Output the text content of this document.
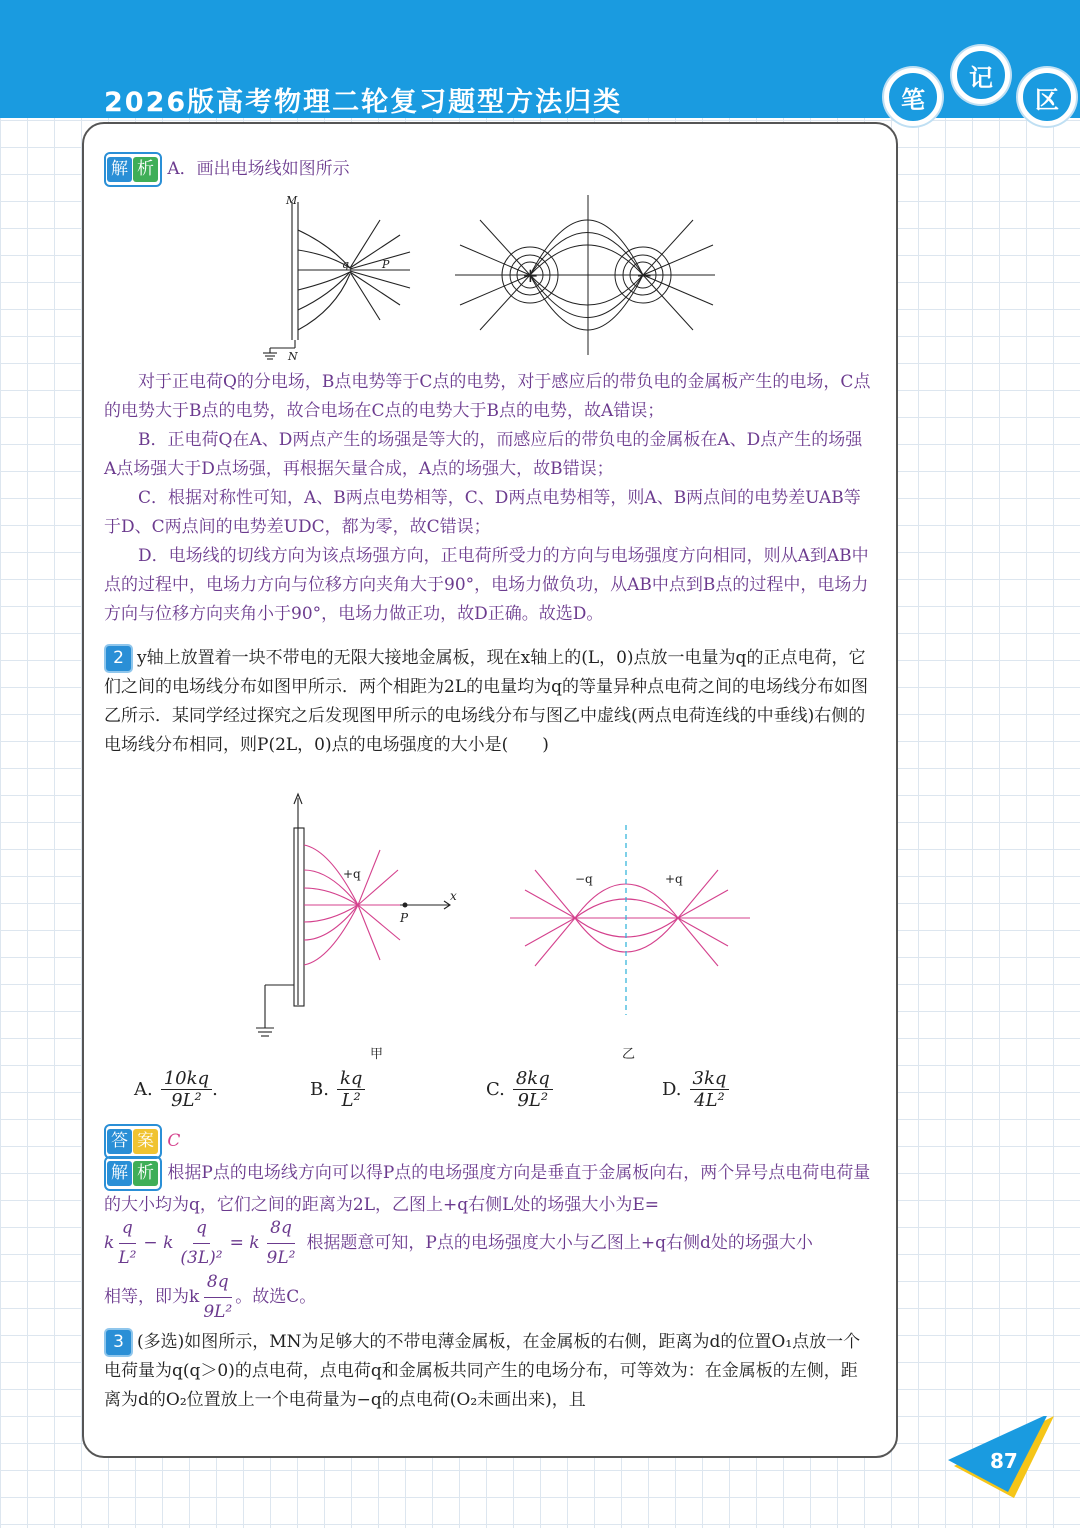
2026版高考物理二轮复习题型方法归类	笔
记
区
解 析 A．画出电场线如图所示
M
N
q	P	+	−
对于正电荷Q的分电场，B点电势等于C点的电势，对于感应后的带负电的金属板产生的电场，C点的电势大于B点的电势，故合电场在C点的电势大于B点的电势，故A错误；
B．正电荷Q在A、D两点产生的场强是等大的，而感应后的带负电的金属板在A、D点产生的场强A点场强大于D点场强，再根据矢量合成，A点的场强大，故B错误；
C．根据对称性可知，A、B两点电势相等，C、D两点电势相等，则A、B两点间的电势差UAB等于D、C两点间的电势差UDC，都为零，故C错误；
D．电场线的切线方向为该点场强方向，正电荷所受力的方向与电场强度方向相同，则从A到AB中点的过程中，电场力方向与位移方向夹角大于90°，电场力做负功，从AB中点到B点的过程中，电场力方向与位移方向夹角小于90°，电场力做正功，故D正确。故选D。
2 y轴上放置着一块不带电的无限大接地金属板，现在x轴上的(L，0)点放一电量为q的正点电荷，它们之间的电场线分布如图甲所示．两个相距为2L的电量均为q的等量异种点电荷之间的电场线分布如图乙所示．某同学经过探究之后发现图甲所示的电场线分布与图乙中虚线(两点电荷连线的中垂线)右侧的电场线分布相同，则P(2L，0)点的电场强度的大小是(　　)
+q
P
x
−q	+q
甲	乙
A. $\frac{10kq}{\text{9L²}}$ .	B. $\frac{kq}{\text{L²}}$	C. $\frac{8kq}{\text{9L²}}$	D. $\frac{3kq}{\text{4L²}}$
答 案 C
解 析 根据P点的电场线方向可以得P点的电场强度方向是垂直于金属板向右，两个异号点电荷电荷量的大小均为q，它们之间的距离为2L，乙图上+q右侧L处的场强大小为E=
k $\frac{q}{\text{L²}} - k \frac{q}{\text{(3L)²}} = k \frac{8q}{\text{9L²}}$ 根据题意可知，P点的电场强度大小与乙图上+q右侧d处的场强大小
相等，即为k $\frac{8q}{\text{9L²}}$ 。故选C。
3 (多选)如图所示，MN为足够大的不带电薄金属板，在金属板的右侧，距离为d的位置O₁点放一个电荷量为q(q＞0)的点电荷，点电荷q和金属板共同产生的电场分布，可等效为：在金属板的左侧，距离为d的O₂位置放上一个电荷量为−q的点电荷(O₂未画出来)，且
87
